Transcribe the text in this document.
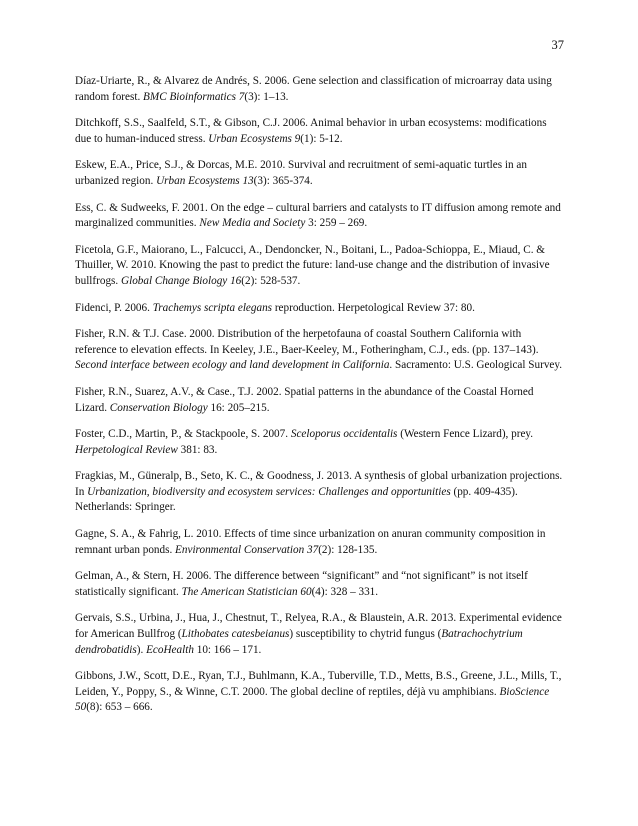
37

Díaz-Uriarte, R., & Alvarez de Andrés, S. 2006. Gene selection and classification of microarray data using random forest. BMC Bioinformatics 7(3): 1–13.

Ditchkoff, S.S., Saalfeld, S.T., & Gibson, C.J. 2006. Animal behavior in urban ecosystems: modifications due to human-induced stress. Urban Ecosystems 9(1): 5-12.

Eskew, E.A., Price, S.J., & Dorcas, M.E. 2010. Survival and recruitment of semi-aquatic turtles in an urbanized region. Urban Ecosystems 13(3): 365-374.

Ess, C. & Sudweeks, F. 2001. On the edge – cultural barriers and catalysts to IT diffusion among remote and marginalized communities. New Media and Society 3: 259 – 269.

Ficetola, G.F., Maiorano, L., Falcucci, A., Dendoncker, N., Boitani, L., Padoa-Schioppa, E., Miaud, C. & Thuiller, W. 2010. Knowing the past to predict the future: land-use change and the distribution of invasive bullfrogs. Global Change Biology 16(2): 528-537.

Fidenci, P. 2006. Trachemys scripta elegans reproduction. Herpetological Review 37: 80.

Fisher, R.N. & T.J. Case. 2000. Distribution of the herpetofauna of coastal Southern California with reference to elevation effects. In Keeley, J.E., Baer-Keeley, M., Fotheringham, C.J., eds. (pp. 137–143). Second interface between ecology and land development in California. Sacramento: U.S. Geological Survey.

Fisher, R.N., Suarez, A.V., & Case., T.J. 2002. Spatial patterns in the abundance of the Coastal Horned Lizard. Conservation Biology 16: 205–215.

Foster, C.D., Martin, P., & Stackpoole, S. 2007. Sceloporus occidentalis (Western Fence Lizard), prey. Herpetological Review 381: 83.

Fragkias, M., Güneralp, B., Seto, K. C., & Goodness, J. 2013. A synthesis of global urbanization projections. In Urbanization, biodiversity and ecosystem services: Challenges and opportunities (pp. 409-435). Netherlands: Springer.

Gagne, S. A., & Fahrig, L. 2010. Effects of time since urbanization on anuran community composition in remnant urban ponds. Environmental Conservation 37(2): 128-135.

Gelman, A., & Stern, H. 2006. The difference between “significant” and “not significant” is not itself statistically significant. The American Statistician 60(4): 328 – 331.

Gervais, S.S., Urbina, J., Hua, J., Chestnut, T., Relyea, R.A., & Blaustein, A.R. 2013. Experimental evidence for American Bullfrog (Lithobates catesbeianus) susceptibility to chytrid fungus (Batrachochytrium dendrobatidis). EcoHealth 10: 166 – 171.

Gibbons, J.W., Scott, D.E., Ryan, T.J., Buhlmann, K.A., Tuberville, T.D., Metts, B.S., Greene, J.L., Mills, T., Leiden, Y., Poppy, S., & Winne, C.T. 2000. The global decline of reptiles, déjà vu amphibians. BioScience 50(8): 653 – 666.
